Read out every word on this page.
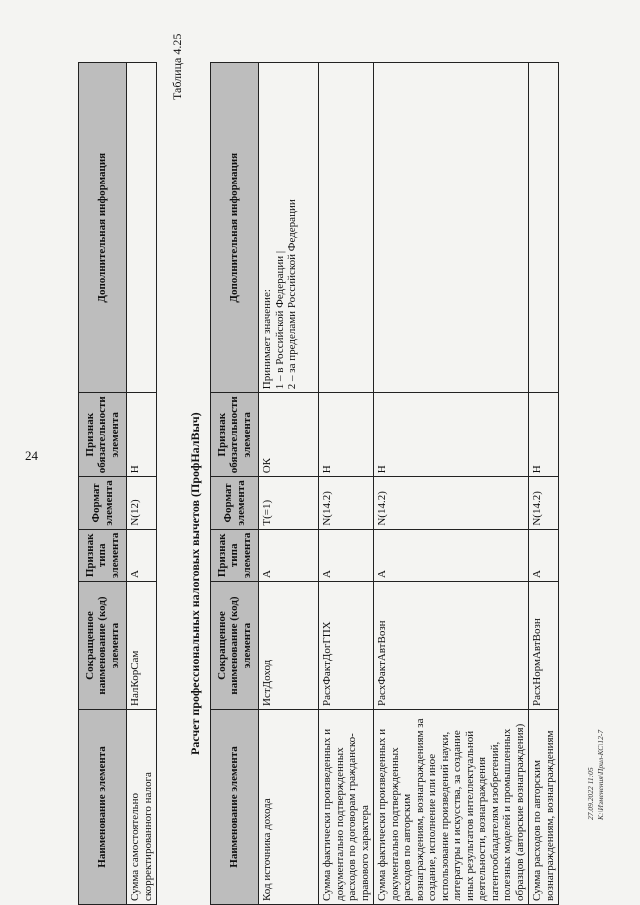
24
27.09.2022 11:05 К:\Изменения\Прил-КС\12-7
Наименование элемента	Сокращенное наименование (код) элемента	Признак типа элемента	Формат элемента	Признак обязательности элемента	Дополнительная информация
Сумма самостоятельно скорректированного налога	НалКорСам	А	N(12)	Н	
Таблица 4.25
Расчет профессиональных налоговых вычетов (ПрофНалВыч)
Наименование элемента	Сокращенное наименование (код) элемента	Признак типа элемента	Формат элемента	Признак обязательности элемента	Дополнительная информация
Код источника дохода	ИстДоход	А	T(=1)	ОК	Принимает значение:
1 – в Российской Федерации |
2 – за пределами Российской Федерации
Сумма фактически произведенных и документально подтвержденных расходов по договорам гражданско-правового характера	РасхФактДогГПХ	А	N(14.2)	Н	
Сумма фактически произведенных и документально подтвержденных расходов по авторским вознаграждениям, вознаграждениям за создание, исполнение или иное использование произведений науки, литературы и искусства, за создание иных результатов интеллектуальной деятельности, вознаграждения патентообладателям изобретений, полезных моделей и промышленных образцов (авторские вознаграждения)	РасхФактАвтВозн	А	N(14.2)	Н	
Сумма расходов по авторским вознаграждениям, вознаграждениям	РасхНормАвтВозн	А	N(14.2)	Н	
